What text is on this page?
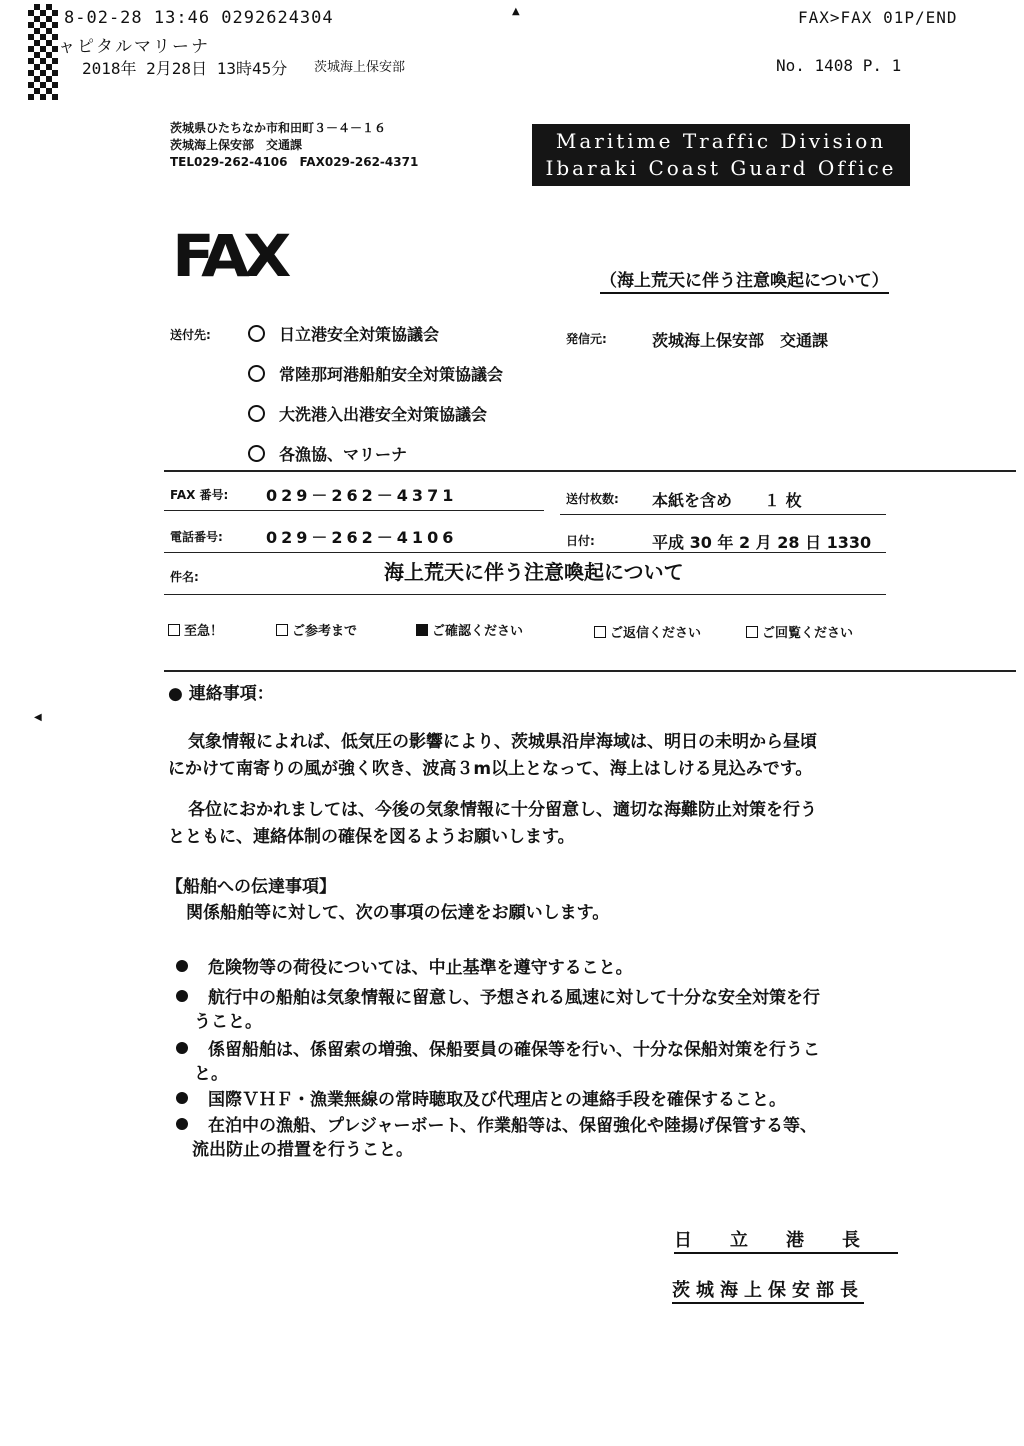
8-02-28 13:46 0292624304
ャピタルマリーナ
2018年 2月28日 13時45分 茨城海上保安部
FAX>FAX 01P/END
No. 1408 P. 1
▲
◀
茨城県ひたちなか市和田町３－４－１６
茨城海上保安部　交通課
TEL029-262-4106　FAX029-262-4371
Maritime Traffic Division
Ibaraki Coast Guard Office
FAX	（海上荒天に伴う注意喚起について）
送付先:	日立港安全対策協議会
常陸那珂港船舶安全対策協議会
大洗港入出港安全対策協議会
各漁協、マリーナ
発信元:	茨城海上保安部　交通課
FAX 番号: 029－262－4371	送付枚数: 本紙を含め　　１ 枚
電話番号:	029－262－4106	日付:	平成 30 年 2 月 28 日 1330
件名:	海上荒天に伴う注意喚起について
至急！	ご参考まで	ご確認ください	ご返信ください	ご回覧ください
● 連絡事項：
気象情報によれば、低気圧の影響により、茨城県沿岸海域は、明日の未明から昼頃
にかけて南寄りの風が強く吹き、波高３m以上となって、海上はしける見込みです。
各位におかれましては、今後の気象情報に十分留意し、適切な海難防止対策を行う
とともに、連絡体制の確保を図るようお願いします。
【船舶への伝達事項】
関係船舶等に対して、次の事項の伝達をお願いします。
危険物等の荷役については、中止基準を遵守すること。
航行中の船舶は気象情報に留意し、予想される風速に対して十分な安全対策を行
うこと。
係留船舶は、係留索の増強、保船要員の確保等を行い、十分な保船対策を行うこ
と。
国際ＶＨＦ・漁業無線の常時聴取及び代理店との連絡手段を確保すること。
在泊中の漁船、プレジャーボート、作業船等は、保留強化や陸揚げ保管する等、
流出防止の措置を行うこと。
日立港長
茨城海上保安部長
